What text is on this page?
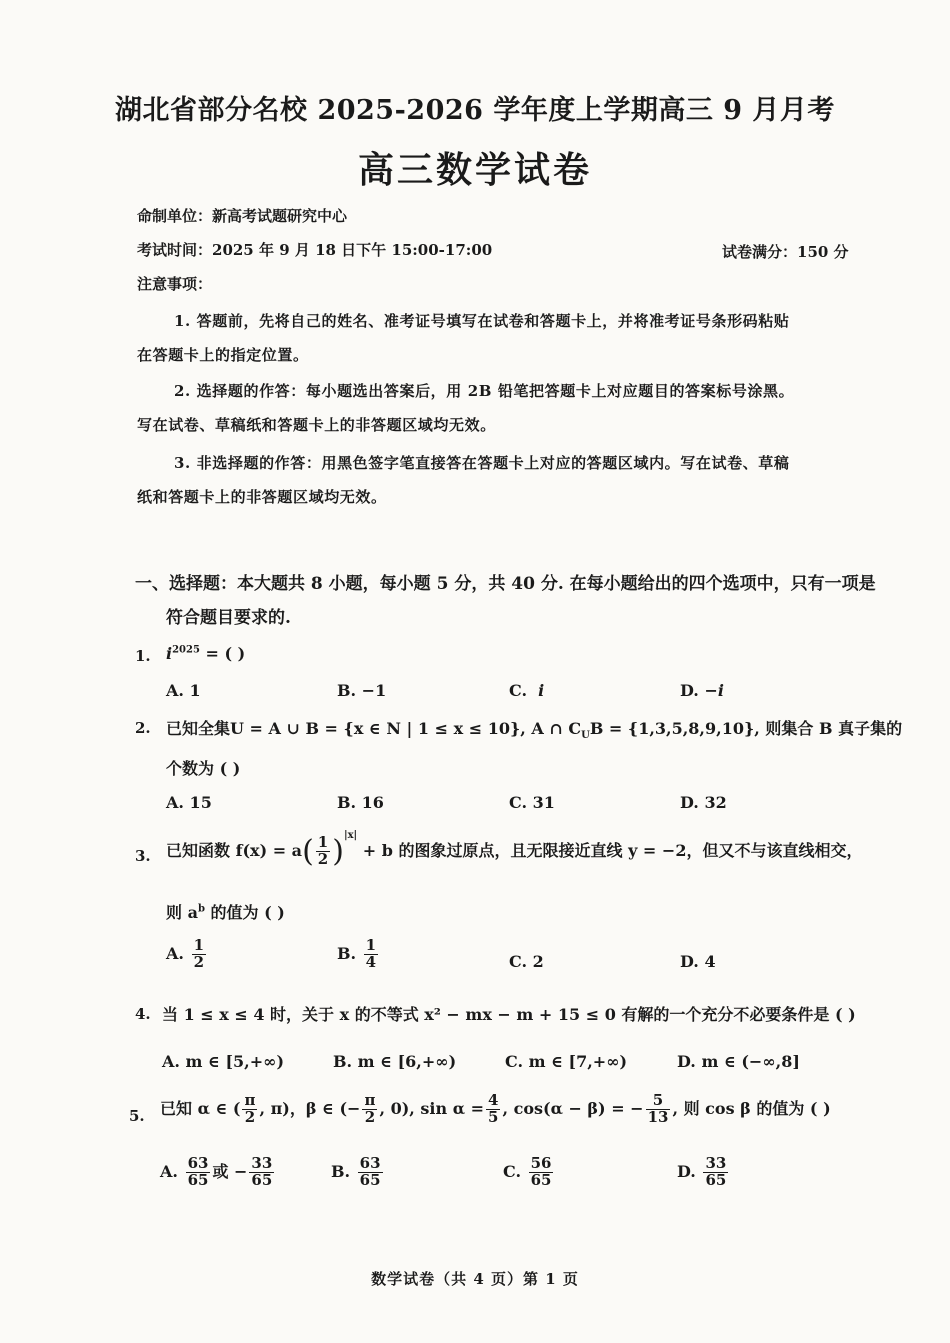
湖北省部分名校 2025-2026 学年度上学期高三 9 月月考
高三数学试卷
命制单位：新高考试题研究中心
考试时间：2025 年 9 月 18 日下午 15:00-17:00	试卷满分：150 分
注意事项：
1. 答题前，先将自己的姓名、准考证号填写在试卷和答题卡上，并将准考证号条形码粘贴
在答题卡上的指定位置。
2. 选择题的作答：每小题选出答案后，用 2B 铅笔把答题卡上对应题目的答案标号涂黑。
写在试卷、草稿纸和答题卡上的非答题区域均无效。
3. 非选择题的作答：用黑色签字笔直接答在答题卡上对应的答题区域内。写在试卷、草稿
纸和答题卡上的非答题区域均无效。
一、选择题：本大题共 8 小题，每小题 5 分，共 40 分. 在每小题给出的四个选项中，只有一项是
符合题目要求的.
1. $i^{2025}$ = ( )
A. 1	B. −1	C. i	D. −i
2. 已知全集U = A ∪ B = {x ∈ N | 1 ≤ x ≤ 10}, A ∩ $C_UB = \{1,3,5,8,9,10\}$, 则集合 B 真子集的
个数为 ( )
A. 15	B. 16	C. 31	D. 32
3. 已知函数 $f(x) = a( \frac{1}{2} )^{|x|} + b$ 的图象过原点，且无限接近直线 y = −2，但又不与该直线相交，
则 $a^b$ 的值为 ( )
A. $\frac{1}{2}$	B. $\frac{1}{4}$	C. 2	D. 4
4. 当 1 ≤ x ≤ 4 时，关于 x 的不等式 x² − mx − m + 15 ≤ 0 有解的一个充分不必要条件是 ( )
A. m ∈ [5,+∞)	B. m ∈ [6,+∞)	C. m ∈ [7,+∞)	D. m ∈ (−∞,8]
5. 已知 α ∈ ( $\frac{\pi}{2}$ , π)，β ∈ (− $\frac{\pi}{2}$ , 0), $\sin \alpha = \frac{4}{5}$ , cos(α − β) = − $\frac{5}{13}$ , 则 cos β 的值为 ( )
A. $\frac{63}{65}$ 或 − $\frac{33}{65}$	B. $\frac{63}{65}$	C. $\frac{56}{65}$	D. $\frac{33}{65}$
数学试卷（共 4 页）第 1 页
